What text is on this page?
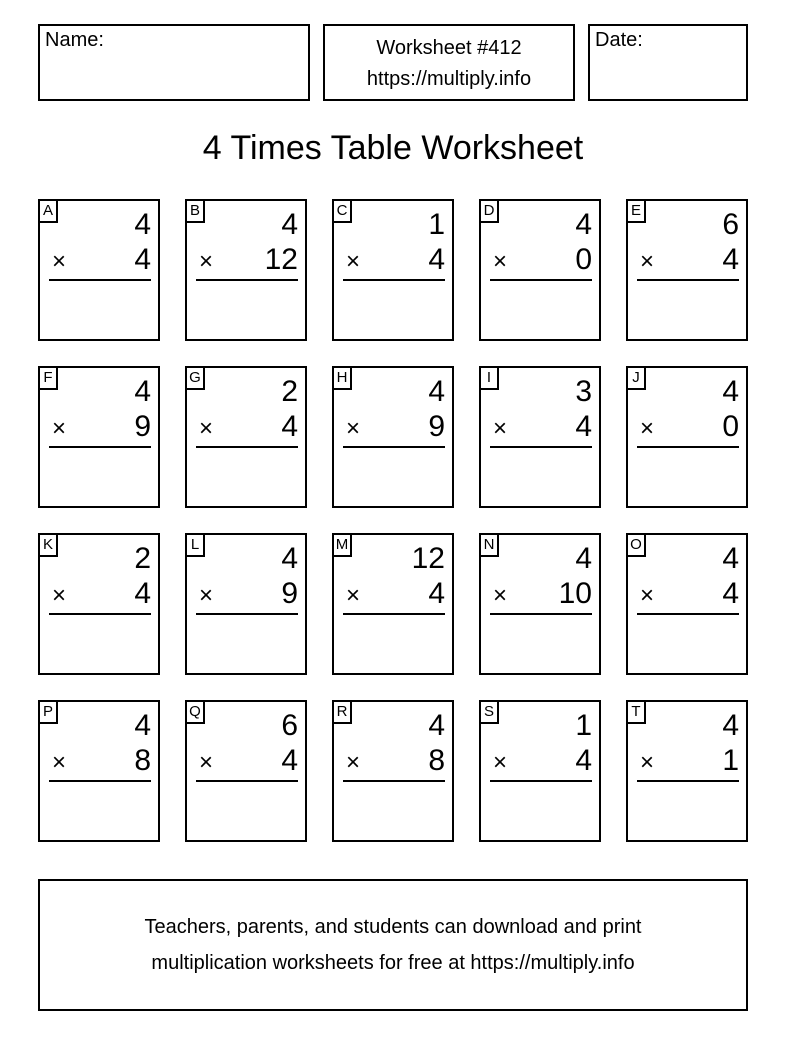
Name:	Worksheet #412
https://multiply.info
Date:
4 Times Table Worksheet
A	4
× 4
B	4
× 12
C	1
× 4
D	4
× 0
E	6
× 4
F	4
× 9
G	2
× 4
H	4
× 9
I	3
× 4
J	4
× 0
K	2
× 4
L	4
× 9
M 12
× 4
N	4
× 10
O	4
× 4
P	4
× 8
Q	6
× 4
R	4
× 8
S	1
× 4
T	4
× 1
Teachers, parents, and students can download and print
multiplication worksheets for free at https://multiply.info
